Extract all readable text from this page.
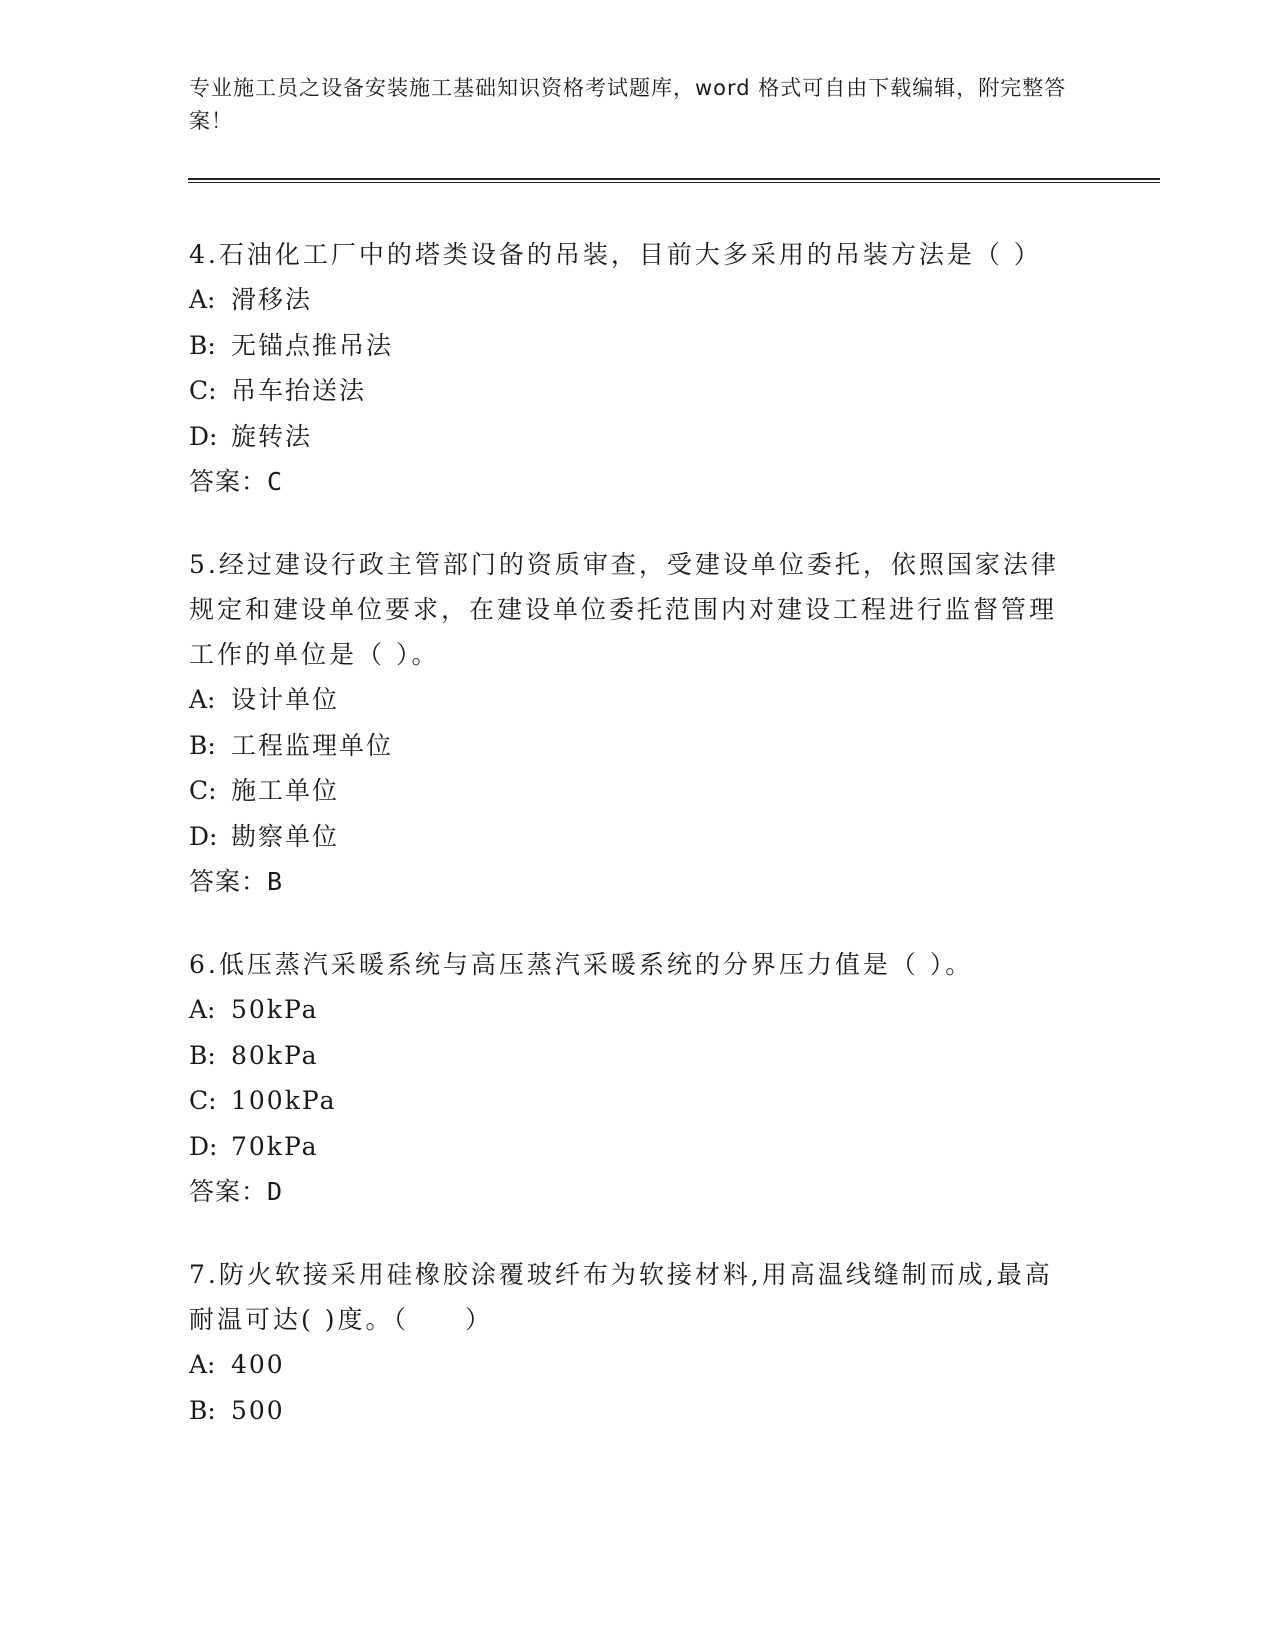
专业施工员之设备安装施工基础知识资格考试题库，word 格式可自由下载编辑，附完整答案！

4.石油化工厂中的塔类设备的吊装，目前大多采用的吊装方法是（ ）

A: 滑移法

B: 无锚点推吊法

C: 吊车抬送法

D: 旋转法

答案：C

5.经过建设行政主管部门的资质审查，受建设单位委托，依照国家法律规定和建设单位要求，在建设单位委托范围内对建设工程进行监督管理工作的单位是（ ）。

A: 设计单位

B: 工程监理单位

C: 施工单位

D: 勘察单位

答案：B

6.低压蒸汽采暖系统与高压蒸汽采暖系统的分界压力值是（ ）。

A: 50kPa

B: 80kPa

C: 100kPa

D: 70kPa

答案：D

7.防火软接采用硅橡胶涂覆玻纤布为软接材料,用高温线缝制而成,最高耐温可达( )度。（　　）

A: 400

B: 500
